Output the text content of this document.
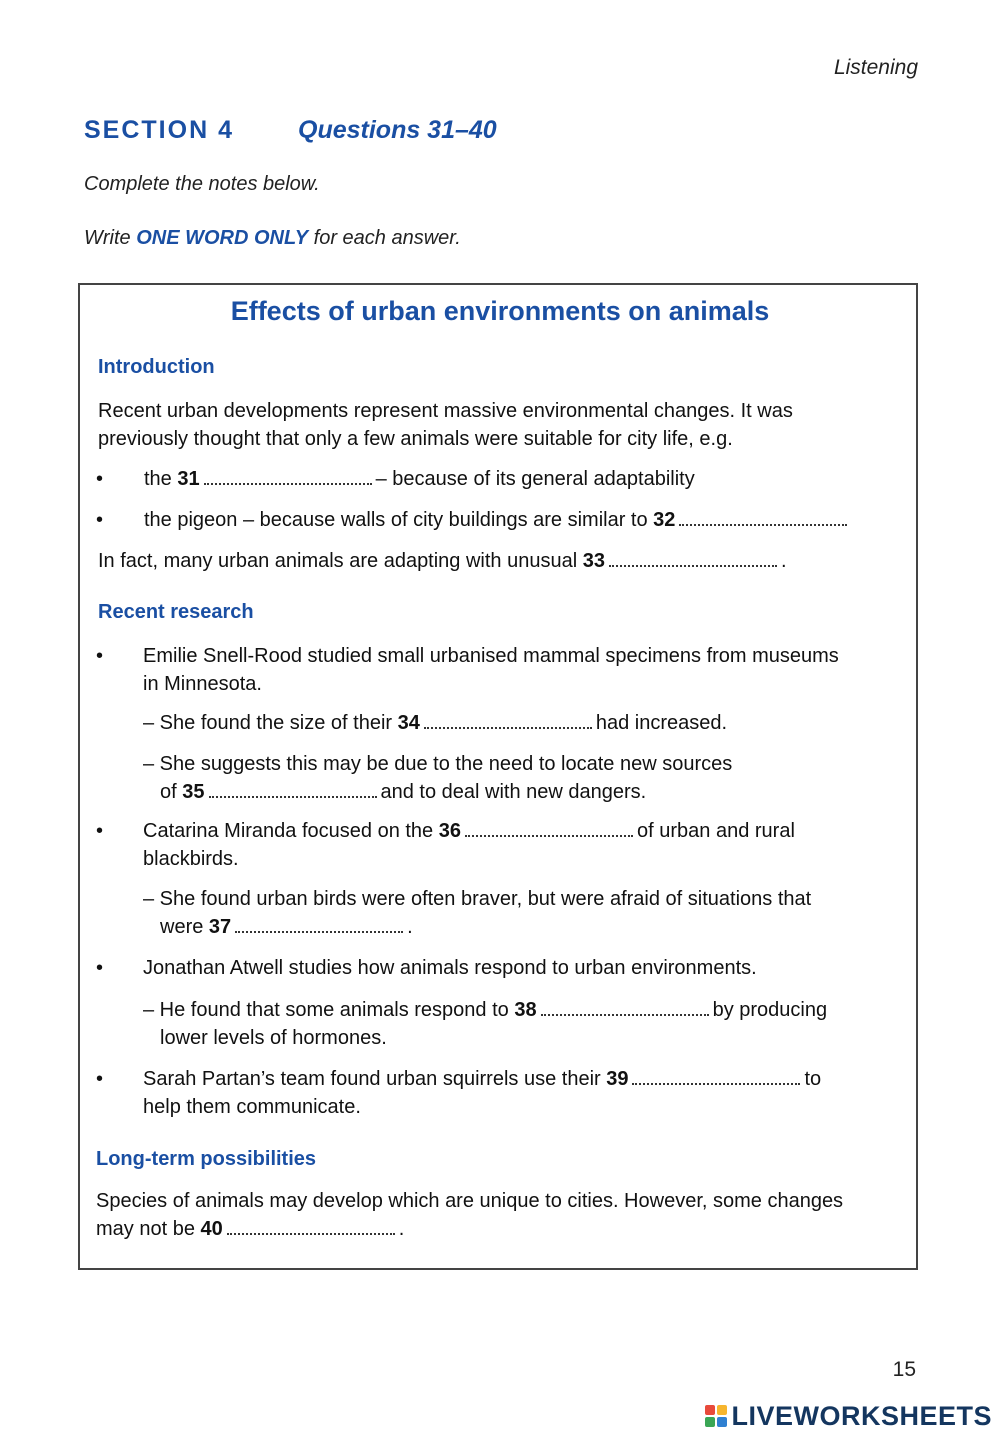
Listening
SECTION 4	Questions 31–40
Complete the notes below.
Write ONE WORD ONLY for each answer.
Effects of urban environments on animals
Introduction
Recent urban developments represent massive environmental changes. It was
previously thought that only a few animals were suitable for city life, e.g.
• the 31	– because of its general adaptability
• the pigeon – because walls of city buildings are similar to 32
In fact, many urban animals are adapting with unusual 33	.
Recent research
• Emilie Snell-Rood studied small urbanised mammal specimens from museums
in Minnesota.
– She found the size of their 34	had increased.
– She suggests this may be due to the need to locate new sources
of 35	and to deal with new dangers.
• Catarina Miranda focused on the 36	of urban and rural
blackbirds.
– She found urban birds were often braver, but were afraid of situations that
were 37	.
• Jonathan Atwell studies how animals respond to urban environments.
– He found that some animals respond to 38	by producing
lower levels of hormones.
• Sarah Partan’s team found urban squirrels use their 39	to
help them communicate.
Long-term possibilities
Species of animals may develop which are unique to cities. However, some changes
may not be 40	.
15
LIVEWORKSHEETS
